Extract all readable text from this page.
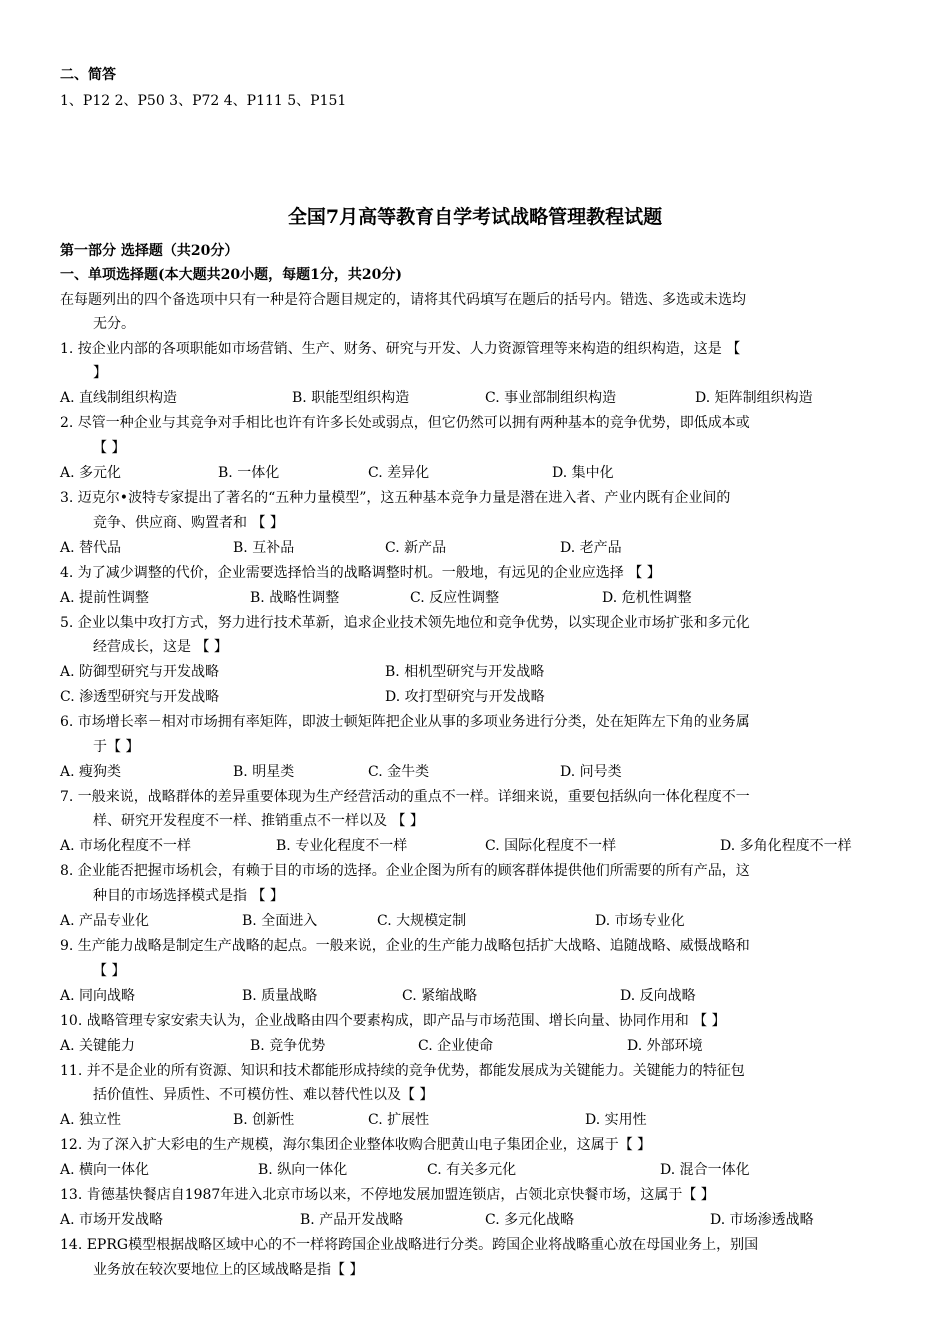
二、简答
1、P12 2、P50 3、P72 4、P111 5、P151
全国7月高等教育自学考试战略管理教程试题
第一部分 选择题（共20分）
一、单项选择题(本大题共20小题，每题1分，共20分)
在每题列出的四个备选项中只有一种是符合题目规定的，请将其代码填写在题后的括号内。错选、多选或未选均
无分。
1. 按企业内部的各项职能如市场营销、生产、财务、研究与开发、人力资源管理等来构造的组织构造，这是 【
】
A. 直线制组织构造	B. 职能型组织构造	C. 事业部制组织构造	D. 矩阵制组织构造
2. 尽管一种企业与其竞争对手相比也许有许多长处或弱点，但它仍然可以拥有两种基本的竞争优势，即低成本或
【 】
A. 多元化	B. 一体化	C. 差异化	D. 集中化
3. 迈克尔•波特专家提出了著名的“五种力量模型”，这五种基本竞争力量是潜在进入者、产业内既有企业间的
竞争、供应商、购置者和 【 】
A. 替代品	B. 互补品	C. 新产品	D. 老产品
4. 为了减少调整的代价，企业需要选择恰当的战略调整时机。一般地，有远见的企业应选择 【 】
A. 提前性调整	B. 战略性调整	C. 反应性调整	D. 危机性调整
5. 企业以集中攻打方式，努力进行技术革新，追求企业技术领先地位和竞争优势，以实现企业市场扩张和多元化
经营成长，这是 【 】
A. 防御型研究与开发战略	B. 相机型研究与开发战略
C. 渗透型研究与开发战略	D. 攻打型研究与开发战略
6. 市场增长率－相对市场拥有率矩阵，即波士顿矩阵把企业从事的多项业务进行分类，处在矩阵左下角的业务属
于【 】
A. 瘦狗类	B. 明星类	C. 金牛类	D. 问号类
7. 一般来说，战略群体的差异重要体现为生产经营活动的重点不一样。详细来说，重要包括纵向一体化程度不一
样、研究开发程度不一样、推销重点不一样以及 【 】
A. 市场化程度不一样	B. 专业化程度不一样	C. 国际化程度不一样	D. 多角化程度不一样
8. 企业能否把握市场机会，有赖于目的市场的选择。企业企图为所有的顾客群体提供他们所需要的所有产品，这
种目的市场选择模式是指 【 】
A. 产品专业化	B. 全面进入	C. 大规模定制	D. 市场专业化
9. 生产能力战略是制定生产战略的起点。一般来说，企业的生产能力战略包括扩大战略、追随战略、威慑战略和
【 】
A. 同向战略	B. 质量战略	C. 紧缩战略	D. 反向战略
10. 战略管理专家安索夫认为，企业战略由四个要素构成，即产品与市场范围、增长向量、协同作用和 【 】
A. 关键能力	B. 竞争优势	C. 企业使命	D. 外部环境
11. 并不是企业的所有资源、知识和技术都能形成持续的竞争优势，都能发展成为关键能力。关键能力的特征包
括价值性、异质性、不可模仿性、难以替代性以及【 】
A. 独立性	B. 创新性	C. 扩展性	D. 实用性
12. 为了深入扩大彩电的生产规模，海尔集团企业整体收购合肥黄山电子集团企业，这属于【 】
A. 横向一体化	B. 纵向一体化	C. 有关多元化	D. 混合一体化
13. 肯德基快餐店自1987年进入北京市场以来，不停地发展加盟连锁店，占领北京快餐市场，这属于【 】
A. 市场开发战略	B. 产品开发战略	C. 多元化战略	D. 市场渗透战略
14. EPRG模型根据战略区域中心的不一样将跨国企业战略进行分类。跨国企业将战略重心放在母国业务上，别国
业务放在较次要地位上的区域战略是指【 】
